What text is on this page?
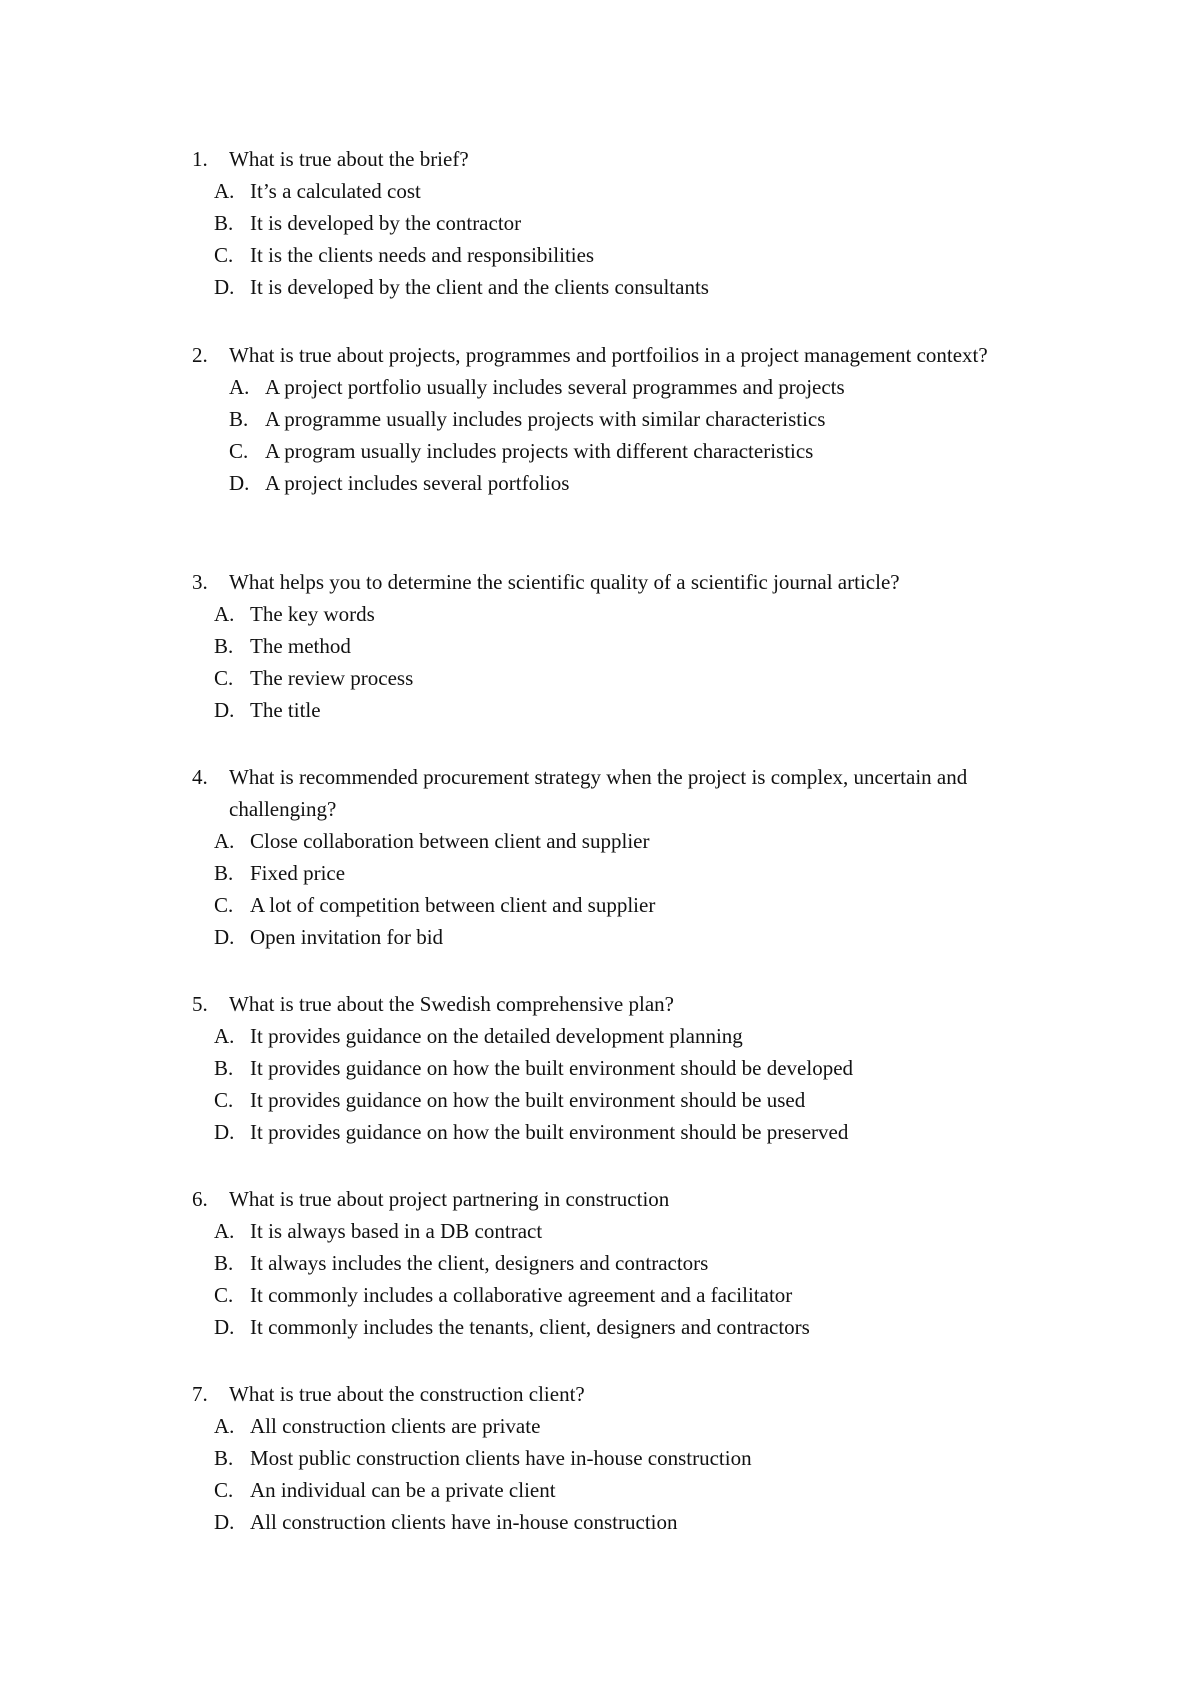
1.	What is true about the brief?
A. It’s a calculated cost
B. It is developed by the contractor
C. It is the clients needs and responsibilities
D. It is developed by the client and the clients consultants
2.	What is true about projects, programmes and portfoilios in a project management context?
A. A project portfolio usually includes several programmes and projects
B. A programme usually includes projects with similar characteristics
C. A program usually includes projects with different characteristics
D. A project includes several portfolios
3.	What helps you to determine the scientific quality of a scientific journal article?
A. The key words
B. The method
C. The review process
D. The title
4.	What is recommended procurement strategy when the project is complex, uncertain and challenging?
A. Close collaboration between client and supplier
B. Fixed price
C. A lot of competition between client and supplier
D. Open invitation for bid
5.	What is true about the Swedish comprehensive plan?
A. It provides guidance on the detailed development planning
B. It provides guidance on how the built environment should be developed
C. It provides guidance on how the built environment should be used
D. It provides guidance on how the built environment should be preserved
6.	What is true about project partnering in construction
A. It is always based in a DB contract
B. It always includes the client, designers and contractors
C. It commonly includes a collaborative agreement and a facilitator
D. It commonly includes the tenants, client, designers and contractors
7.	What is true about the construction client?
A. All construction clients are private
B. Most public construction clients have in-house construction
C. An individual can be a private client
D. All construction clients have in-house construction
